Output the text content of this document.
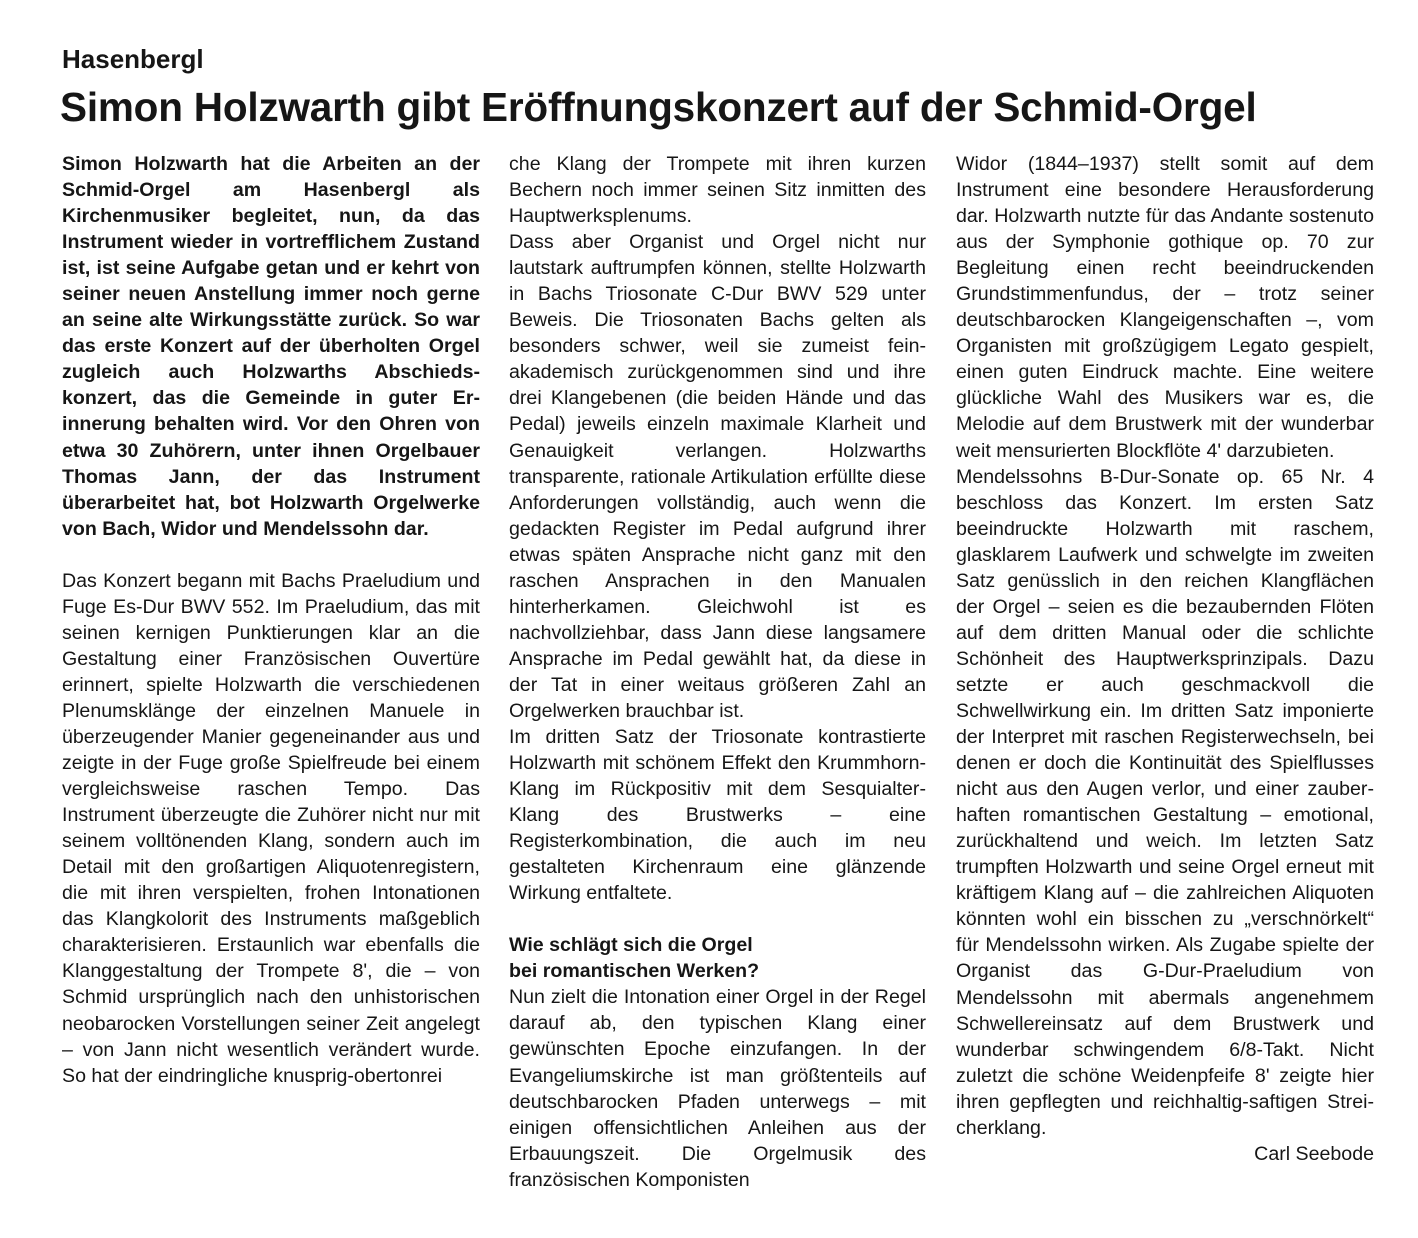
Hasenbergl
Simon Holzwarth gibt Eröffnungskonzert auf der Schmid-Orgel

Simon Holzwarth hat die Arbeiten an der Schmid-Orgel am Hasenbergl als Kirchenmusiker begleitet, nun, da das Instrument wieder in vortrefflichem Zustand ist, ist seine Aufgabe getan und er kehrt von seiner neuen Anstellung immer noch gerne an seine alte Wirkungsstätte zurück. So war das erste Konzert auf der überholten Orgel zugleich auch Holzwarths Abschiedskonzert, das die Gemeinde in guter Erinnerung behalten wird. Vor den Ohren von etwa 30 Zuhörern, unter ihnen Orgelbauer Thomas Jann, der das Instrument überarbeitet hat, bot Holzwarth Orgelwerke von Bach, Widor und Mendelssohn dar.

Das Konzert begann mit Bachs Praeludium und Fuge Es-Dur BWV 552. Im Praeludium, das mit seinen kernigen Punktierungen klar an die Gestaltung einer Französischen Ouvertüre erinnert, spielte Holzwarth die verschiedenen Plenumsklänge der einzelnen Manuele in überzeugender Manier gegeneinander aus und zeigte in der Fuge große Spielfreude bei einem vergleichsweise raschen Tempo. Das Instrument überzeugte die Zuhörer nicht nur mit seinem volltönenden Klang, sondern auch im Detail mit den großartigen Aliquotenregistern, die mit ihren verspielten, frohen Intonationen das Klangkolorit des Instruments maßgeblich charakterisieren. Erstaunlich war ebenfalls die Klanggestaltung der Trompete 8', die – von Schmid ursprünglich nach den unhistorischen neobarocken Vorstellungen seiner Zeit angelegt – von Jann nicht wesentlich verändert wurde. So hat der eindringliche knusprig-obertonrei

che Klang der Trompete mit ihren kurzen Bechern noch immer seinen Sitz inmitten des Hauptwerksplenums.

Dass aber Organist und Orgel nicht nur lautstark auftrumpfen können, stellte Holzwarth in Bachs Triosonate C-Dur BWV 529 unter Beweis. Die Triosonaten Bachs gelten als besonders schwer, weil sie zumeist fein-akademisch zurückgenommen sind und ihre drei Klangebenen (die beiden Hände und das Pedal) jeweils einzeln maximale Klarheit und Genauigkeit verlangen. Holzwarths transparente, rationale Artikulation erfüllte diese Anforderungen vollständig, auch wenn die gedackten Register im Pedal aufgrund ihrer etwas späten Ansprache nicht ganz mit den raschen Ansprachen in den Manualen hinterherkamen. Gleichwohl ist es nachvollziehbar, dass Jann diese langsamere Ansprache im Pedal gewählt hat, da diese in der Tat in einer weitaus größeren Zahl an Orgelwerken brauchbar ist.

Im dritten Satz der Triosonate kontrastierte Holzwarth mit schönem Effekt den Krummhorn-Klang im Rückpositiv mit dem Sesquialter-Klang des Brustwerks – eine Registerkombination, die auch im neu gestalteten Kirchenraum eine glänzende Wirkung entfaltete.

Wie schlägt sich die Orgel
bei romantischen Werken?

Nun zielt die Intonation einer Orgel in der Regel darauf ab, den typischen Klang einer gewünschten Epoche einzufangen. In der Evangeliumskirche ist man größtenteils auf deutschbarocken Pfaden unterwegs – mit einigen offensichtlichen Anleihen aus der Erbauungszeit. Die Orgelmusik des französischen Komponisten

Widor (1844–1937) stellt somit auf dem Instrument eine besondere Herausforderung dar. Holzwarth nutzte für das Andante sostenuto aus der Symphonie gothique op. 70 zur Begleitung einen recht beeindruckenden Grundstimmenfundus, der – trotz seiner deutschbarocken Klangeigenschaften –, vom Organisten mit großzügigem Legato gespielt, einen guten Eindruck machte. Eine weitere glückliche Wahl des Musikers war es, die Melodie auf dem Brustwerk mit der wunderbar weit mensurierten Blockflöte 4' darzubieten.

Mendelssohns B-Dur-Sonate op. 65 Nr. 4 beschloss das Konzert. Im ersten Satz beeindruckte Holzwarth mit raschem, glasklarem Laufwerk und schwelgte im zweiten Satz genüsslich in den reichen Klangflächen der Orgel – seien es die bezaubernden Flöten auf dem dritten Manual oder die schlichte Schönheit des Hauptwerksprinzipals. Dazu setzte er auch geschmackvoll die Schwellwirkung ein. Im dritten Satz imponierte der Interpret mit raschen Registerwechseln, bei denen er doch die Kontinuität des Spielflusses nicht aus den Augen verlor, und einer zauberhaften romantischen Gestaltung – emotional, zurückhaltend und weich. Im letzten Satz trumpften Holzwarth und seine Orgel erneut mit kräftigem Klang auf – die zahlreichen Aliquoten könnten wohl ein bisschen zu „verschnörkelt“ für Mendelssohn wirken. Als Zugabe spielte der Organist das G-Dur-Praeludium von Mendelssohn mit abermals angenehmem Schwellereinsatz auf dem Brustwerk und wunderbar schwingendem 6/8-Takt. Nicht zuletzt die schöne Weidenpfeife 8' zeigte hier ihren gepflegten und reichhaltig-saftigen Streicherklang.

Carl Seebode
